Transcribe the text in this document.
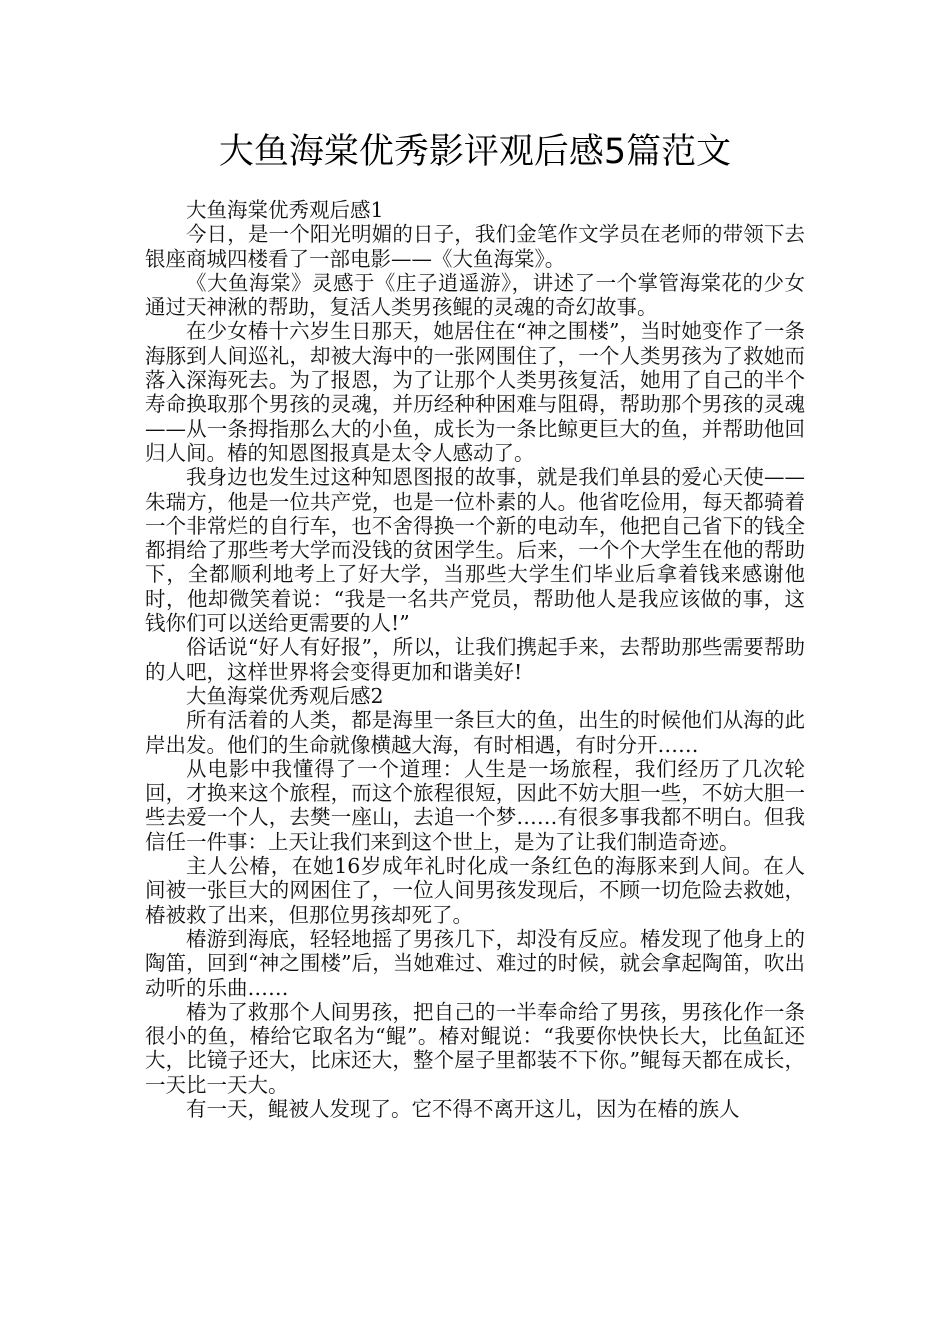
大鱼海棠优秀影评观后感5篇范文

大鱼海棠优秀观后感1

今日，是一个阳光明媚的日子，我们金笔作文学员在老师的带领下去银座商城四楼看了一部电影——《大鱼海棠》。

《大鱼海棠》灵感于《庄子逍遥游》，讲述了一个掌管海棠花的少女通过天神湫的帮助，复活人类男孩鲲的灵魂的奇幻故事。

在少女椿十六岁生日那天，她居住在“神之围楼”，当时她变作了一条海豚到人间巡礼，却被大海中的一张网围住了，一个人类男孩为了救她而落入深海死去。为了报恩，为了让那个人类男孩复活，她用了自己的半个寿命换取那个男孩的灵魂，并历经种种困难与阻碍，帮助那个男孩的灵魂——从一条拇指那么大的小鱼，成长为一条比鲸更巨大的鱼，并帮助他回归人间。椿的知恩图报真是太令人感动了。

我身边也发生过这种知恩图报的故事，就是我们单县的爱心天使——朱瑞方，他是一位共产党，也是一位朴素的人。他省吃俭用，每天都骑着一个非常烂的自行车，也不舍得换一个新的电动车，他把自己省下的钱全都捐给了那些考大学而没钱的贫困学生。后来，一个个大学生在他的帮助下，全都顺利地考上了好大学，当那些大学生们毕业后拿着钱来感谢他时，他却微笑着说：“我是一名共产党员，帮助他人是我应该做的事，这钱你们可以送给更需要的人!”

俗话说“好人有好报”，所以，让我们携起手来，去帮助那些需要帮助的人吧，这样世界将会变得更加和谐美好!

大鱼海棠优秀观后感2

所有活着的人类，都是海里一条巨大的鱼，出生的时候他们从海的此岸出发。他们的生命就像横越大海，有时相遇，有时分开……

从电影中我懂得了一个道理：人生是一场旅程，我们经历了几次轮回，才换来这个旅程，而这个旅程很短，因此不妨大胆一些，不妨大胆一些去爱一个人，去樊一座山，去追一个梦……有很多事我都不明白。但我信任一件事：上天让我们来到这个世上，是为了让我们制造奇迹。

主人公椿，在她16岁成年礼时化成一条红色的海豚来到人间。在人间被一张巨大的网困住了，一位人间男孩发现后，不顾一切危险去救她，椿被救了出来，但那位男孩却死了。

椿游到海底，轻轻地摇了男孩几下，却没有反应。椿发现了他身上的陶笛，回到“神之围楼”后，当她难过、难过的时候，就会拿起陶笛，吹出动听的乐曲……

椿为了救那个人间男孩，把自己的一半奉命给了男孩，男孩化作一条很小的鱼，椿给它取名为“鲲”。椿对鲲说：“我要你快快长大，比鱼缸还大，比镜子还大，比床还大，整个屋子里都装不下你。”鲲每天都在成长，一天比一天大。

有一天，鲲被人发现了。它不得不离开这儿，因为在椿的族人
